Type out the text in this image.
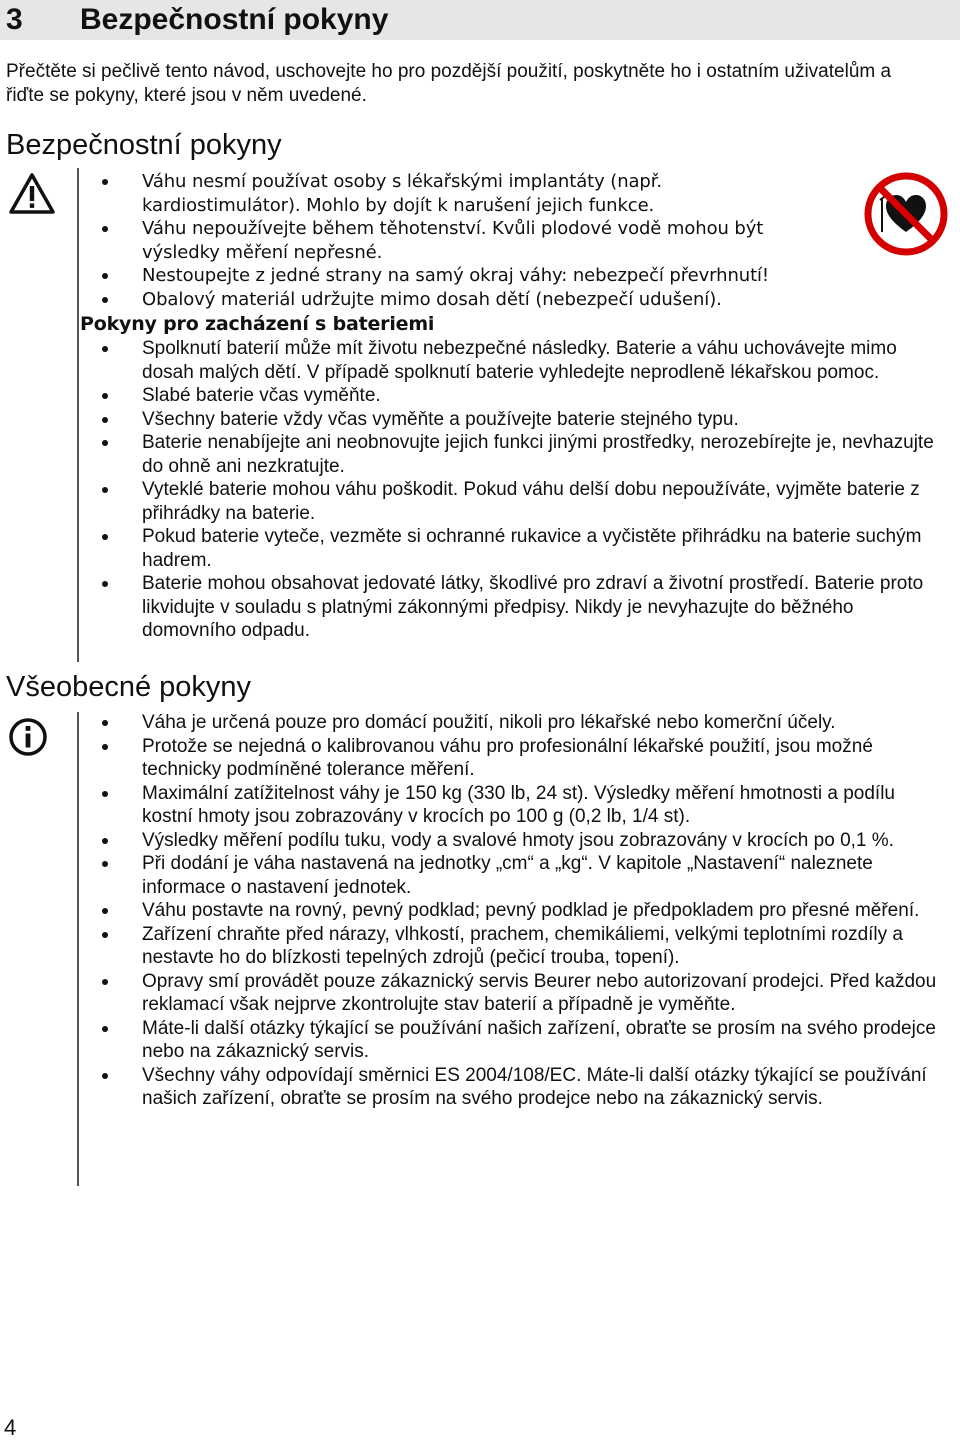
3 Bezpečnostní pokyny

Přečtěte si pečlivě tento návod, uschovejte ho pro pozdější použití, poskytněte ho i ostatním uživatelům a řiďte se pokyny, které jsou v něm uvedené.

Bezpečnostní pokyny
Váhu nesmí používat osoby s lékařskými implantáty (např. kardiostimulátor). Mohlo by dojít k narušení jejich funkce.
Váhu nepoužívejte během těhotenství. Kvůli plodové vodě mohou být výsledky měření nepřesné.
Nestoupejte z jedné strany na samý okraj váhy: nebezpečí převrhnutí!
Obalový materiál udržujte mimo dosah dětí (nebezpečí udušení).
Pokyny pro zacházení s bateriemi
Spolknutí baterií může mít životu nebezpečné následky. Baterie a váhu uchovávejte mimo dosah malých dětí. V případě spolknutí baterie vyhledejte neprodleně lékařskou pomoc.
Slabé baterie včas vyměňte.
Všechny baterie vždy včas vyměňte a používejte baterie stejného typu.
Baterie nenabíjejte ani neobnovujte jejich funkci jinými prostředky, nerozebírejte je, nevhazujte do ohně ani nezkratujte.
Vyteklé baterie mohou váhu poškodit. Pokud váhu delší dobu nepoužíváte, vyjměte baterie z přihrádky na baterie.
Pokud baterie vyteče, vezměte si ochranné rukavice a vyčistěte přihrádku na baterie suchým hadrem.
Baterie mohou obsahovat jedovaté látky, škodlivé pro zdraví a životní prostředí. Baterie proto likvidujte v souladu s platnými zákonnými předpisy. Nikdy je nevyhazujte do běžného domovního odpadu.
Všeobecné pokyny
Váha je určená pouze pro domácí použití, nikoli pro lékařské nebo komerční účely.
Protože se nejedná o kalibrovanou váhu pro profesionální lékařské použití, jsou možné technicky podmíněné tolerance měření.
Maximální zatížitelnost váhy je 150 kg (330 lb, 24 st). Výsledky měření hmotnosti a podílu kostní hmoty jsou zobrazovány v krocích po 100 g (0,2 lb, 1/4 st).
Výsledky měření podílu tuku, vody a svalové hmoty jsou zobrazovány v krocích po 0,1 %.
Při dodání je váha nastavená na jednotky „cm“ a „kg“. V kapitole „Nastavení“ naleznete informace o nastavení jednotek.
Váhu postavte na rovný, pevný podklad; pevný podklad je předpokladem pro přesné měření.
Zařízení chraňte před nárazy, vlhkostí, prachem, chemikáliemi, velkými teplotními rozdíly a nestavte ho do blízkosti tepelných zdrojů (pečicí trouba, topení).
Opravy smí provádět pouze zákaznický servis Beurer nebo autorizovaní prodejci. Před každou reklamací však nejprve zkontrolujte stav baterií a případně je vyměňte.
Máte-li další otázky týkající se používání našich zařízení, obraťte se prosím na svého prodejce nebo na zákaznický servis.
Všechny váhy odpovídají směrnici ES 2004/108/EC. Máte-li další otázky týkající se používání našich zařízení, obraťte se prosím na svého prodejce nebo na zákaznický servis.
4
